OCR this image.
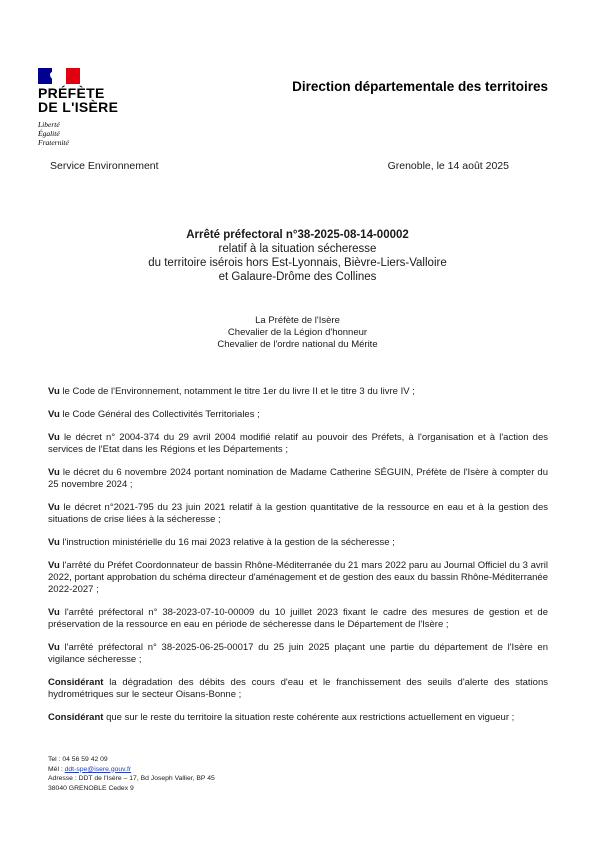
PRÉFÈTE
DE L'ISÈRE
Liberté
Égalité
Fraternité
Direction départementale des territoires
Service Environnement	Grenoble, le 14 août 2025
Arrêté préfectoral n°38-2025-08-14-00002
relatif à la situation sécheresse
du territoire isérois hors Est-Lyonnais, Bièvre-Liers-Valloire
et Galaure-Drôme des Collines
La Préfète de l'Isère
Chevalier de la Légion d'honneur
Chevalier de l'ordre national du Mérite

Vu le Code de l'Environnement, notamment le titre 1er du livre II et le titre 3 du livre IV ;

Vu le Code Général des Collectivités Territoriales ;

Vu le décret n° 2004-374 du 29 avril 2004 modifié relatif au pouvoir des Préfets, à l'organisation et à l'action des services de l'Etat dans les Régions et les Départements ;

Vu le décret du 6 novembre 2024 portant nomination de Madame Catherine SÉGUIN, Préfète de l'Isère à compter du 25 novembre 2024 ;

Vu le décret n°2021-795 du 23 juin 2021 relatif à la gestion quantitative de la ressource en eau et à la gestion des situations de crise liées à la sécheresse ;

Vu l'instruction ministérielle du 16 mai 2023 relative à la gestion de la sécheresse ;

Vu l'arrêté du Préfet Coordonnateur de bassin Rhône-Méditerranée du 21 mars 2022 paru au Journal Officiel du 3 avril 2022, portant approbation du schéma directeur d'aménagement et de gestion des eaux du bassin Rhône-Méditerranée 2022-2027 ;

Vu l'arrêté préfectoral n° 38-2023-07-10-00009 du 10 juillet 2023 fixant le cadre des mesures de gestion et de préservation de la ressource en eau en période de sécheresse dans le Département de l'Isère ;

Vu l'arrêté préfectoral n° 38-2025-06-25-00017 du 25 juin 2025 plaçant une partie du département de l'Isère en vigilance sécheresse ;

Considérant la dégradation des débits des cours d'eau et le franchissement des seuils d'alerte des stations hydrométriques sur le secteur Oisans-Bonne ;

Considérant que sur le reste du territoire la situation reste cohérente aux restrictions actuellement en vigueur ;

Tel : 04 56 59 42 09
Mél : ddt-spe@isere.gouv.fr
Adresse : DDT de l'Isère – 17, Bd Joseph Vallier, BP 45
38040 GRENOBLE Cedex 9
